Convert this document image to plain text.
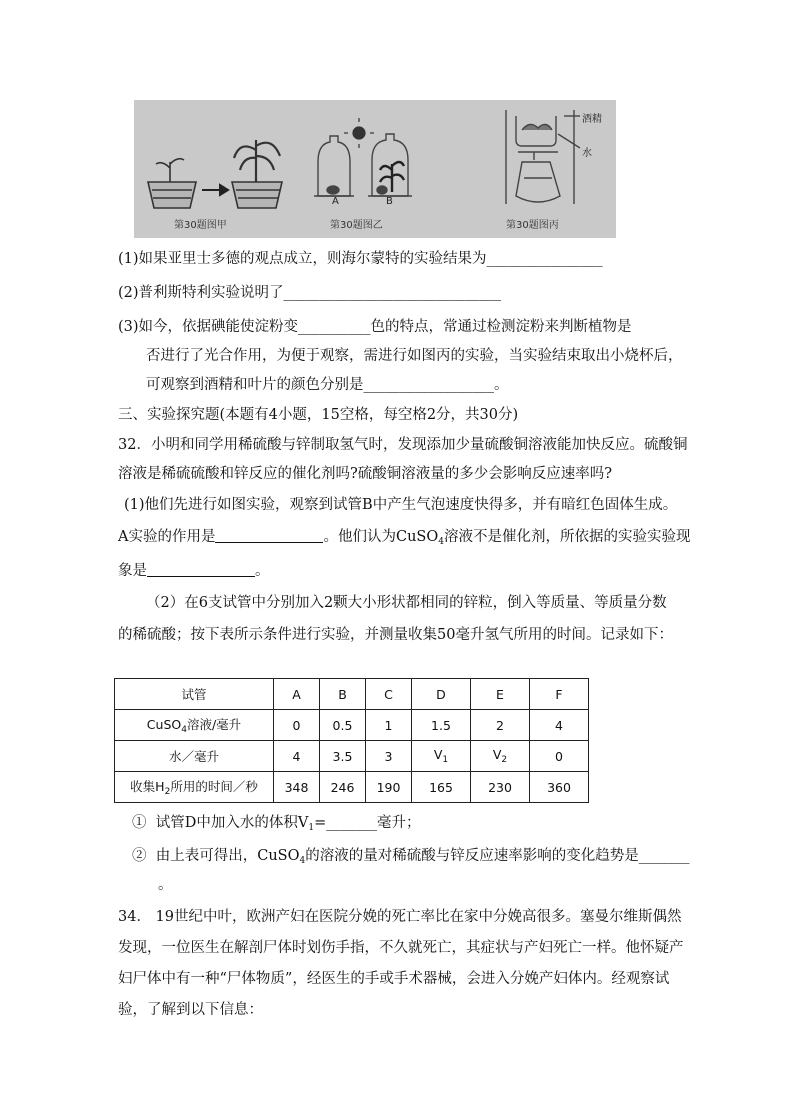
A	B
酒精
水
第30题图甲	第30题图乙	第30题图丙
(1)如果亚里士多德的观点成立，则海尔蒙特的实验结果为________________
(2)普利斯特利实验说明了______________________________
(3)如今，依据碘能使淀粉变__________色的特点，常通过检测淀粉来判断植物是
否进行了光合作用，为便于观察，需进行如图丙的实验，当实验结束取出小烧杯后，
可观察到酒精和叶片的颜色分别是__________________。
三、实验探究题(本题有4小题，15空格，每空格2分，共30分)
32．小明和同学用稀硫酸与锌制取氢气时，发现添加少量硫酸铜溶液能加快反应。硫酸铜
溶液是稀硫硫酸和锌反应的催化剂吗?硫酸铜溶液量的多少会影响反应速率吗?
(1)他们先进行如图实验，观察到试管B中产生气泡速度快得多，并有暗红色固体生成。
A实验的作用是	。他们认为CuSO$_4$溶液不是催化剂，所依据的实验实验现
象是	。
（2）在6支试管中分别加入2颗大小形状都相同的锌粒，倒入等质量、等质量分数
的稀硫酸；按下表所示条件进行实验，并测量收集50毫升氢气所用的时间。记录如下：
试管	A	B	C	D	E	F
CuSO$_4$溶液/毫升	0	0.5	1	1.5	2	4
水／毫升	4	3.5	3	$V_1$	$V_2$	0
收集$H_2$所用的时间／秒	348	246	190	165	230	360
① 试管D中加入水的体积$V_1=\_\_\_\_\_\_\_$毫升；
② 由上表可得出，CuSO$_4$的溶液的量对稀硫酸与锌反应速率影响的变化趋势是_______
。
34． 19世纪中叶，欧洲产妇在医院分娩的死亡率比在家中分娩高很多。塞曼尔维斯偶然
发现，一位医生在解剖尸体时划伤手指，不久就死亡，其症状与产妇死亡一样。他怀疑产
妇尸体中有一种“尸体物质”，经医生的手或手术器械，会进入分娩产妇体内。经观察试
验，了解到以下信息：
